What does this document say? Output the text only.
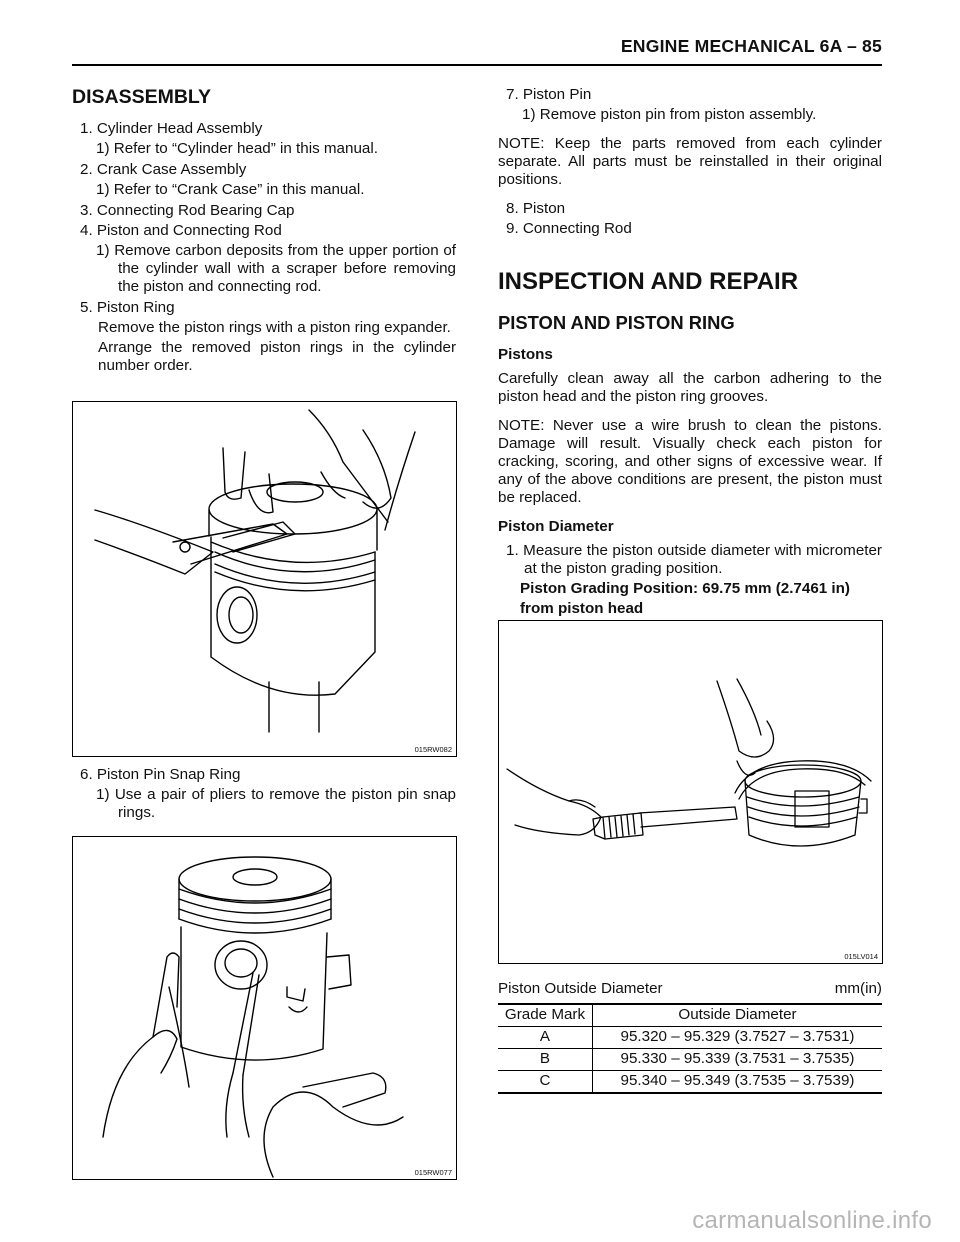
ENGINE MECHANICAL 6A – 85
DISASSEMBLY
1. Cylinder Head Assembly
1) Refer to “Cylinder head” in this manual.
2. Crank Case Assembly
1) Refer to “Crank Case” in this manual.
3. Connecting Rod Bearing Cap
4. Piston and Connecting Rod
1) Remove carbon deposits from the upper portion of the cylinder wall with a scraper before removing the piston and connecting rod.
5. Piston Ring
Remove the piston rings with a piston ring expander.
Arrange the removed piston rings in the cylinder number order.
015RW082
6. Piston Pin Snap Ring
1) Use a pair of pliers to remove the piston pin snap rings.
015RW077
7. Piston Pin
1) Remove piston pin from piston assembly.

NOTE: Keep the parts removed from each cylinder separate. All parts must be reinstalled in their original positions.

8. Piston
9. Connecting Rod
INSPECTION AND REPAIR
PISTON AND PISTON RING
Pistons

Carefully clean away all the carbon adhering to the piston head and the piston ring grooves.

NOTE: Never use a wire brush to clean the pistons. Damage will result. Visually check each piston for cracking, scoring, and other signs of excessive wear. If any of the above conditions are present, the piston must be replaced.

Piston Diameter
1. Measure the piston outside diameter with micrometer at the piston grading position.
Piston Grading Position: 69.75 mm (2.7461 in)
from piston head
015LV014
Piston Outside Diameter	mm(in)
Grade Mark	Outside Diameter
A	95.320 – 95.329 (3.7527 – 3.7531)
B	95.330 – 95.339 (3.7531 – 3.7535)
C	95.340 – 95.349 (3.7535 – 3.7539)
carmanualsonline.info
